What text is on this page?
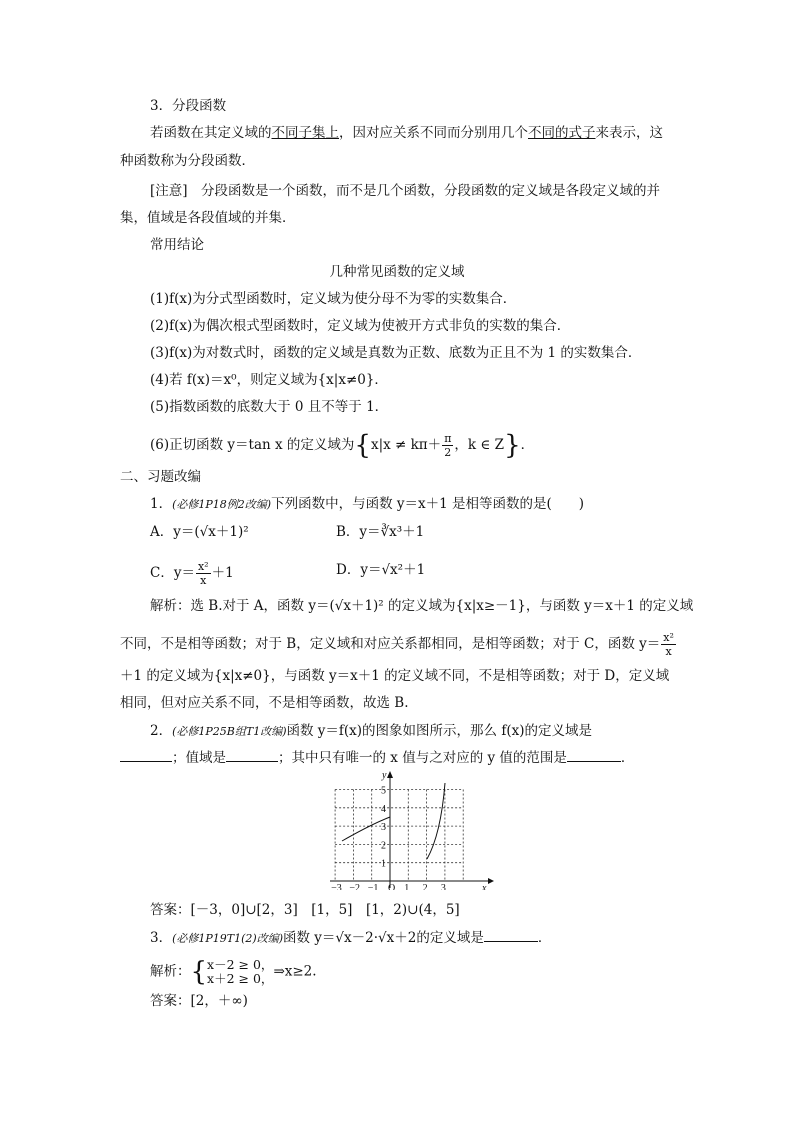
3．分段函数
若函数在其定义域的不同子集上，因对应关系不同而分别用几个不同的式子来表示，这
种函数称为分段函数．
[注意]　分段函数是一个函数，而不是几个函数，分段函数的定义域是各段定义域的并
集，值域是各段值域的并集．
常用结论
几种常见函数的定义域
(1)f(x)为分式型函数时，定义域为使分母不为零的实数集合．
(2)f(x)为偶次根式型函数时，定义域为使被开方式非负的实数的集合．
(3)f(x)为对数式时，函数的定义域是真数为正数、底数为正且不为 1 的实数集合．
(4)若 f(x)＝x⁰，则定义域为{x|x≠0}．
(5)指数函数的底数大于 0 且不等于 1．
(6)正切函数 y＝tan x 的定义域为{$x|x \ne k\pi+ \frac{\pi}{2}$ ，k ∈ Z}．
二、习题改编
1．(必修1P18例2改编)下列函数中，与函数 y＝x＋1 是相等函数的是(　　)
A．y＝(√x＋1)²	B．y＝∛x³＋1
C．$y= \frac{\text{x²}}{x} +1$	D．y＝√x²＋1
解析：选 B.对于 A，函数 y＝(√x＋1)² 的定义域为{x|x≥－1}，与函数 y＝x＋1 的定义域
不同，不是相等函数；对于 B，定义域和对应关系都相同，是相等函数；对于 C，函数 $y= \frac{\text{x²}}{x}$
＋1 的定义域为{x|x≠0}，与函数 y＝x＋1 的定义域不同，不是相等函数；对于 D，定义域
相同，但对应关系不同，不是相等函数，故选 B.
2．(必修1P25B组T1改编)函数 y＝f(x)的图象如图所示，那么 f(x)的定义域是
；值域是	；其中只有唯一的 x 值与之对应的 y 值的范围是	．
−3 −2 −1 O 1 2 3
1
2
3
4
5
x
y
答案：[－3，0]∪[2，3]　[1，5]　[1，2)∪(4，5]
3．(必修1P19T1(2)改编)函数 y＝√x－2·√x＋2的定义域是	．
解析：{ x－2 ≥ 0，
x＋2 ≥ 0， ⇒x≥2.
答案：[2，＋∞)
